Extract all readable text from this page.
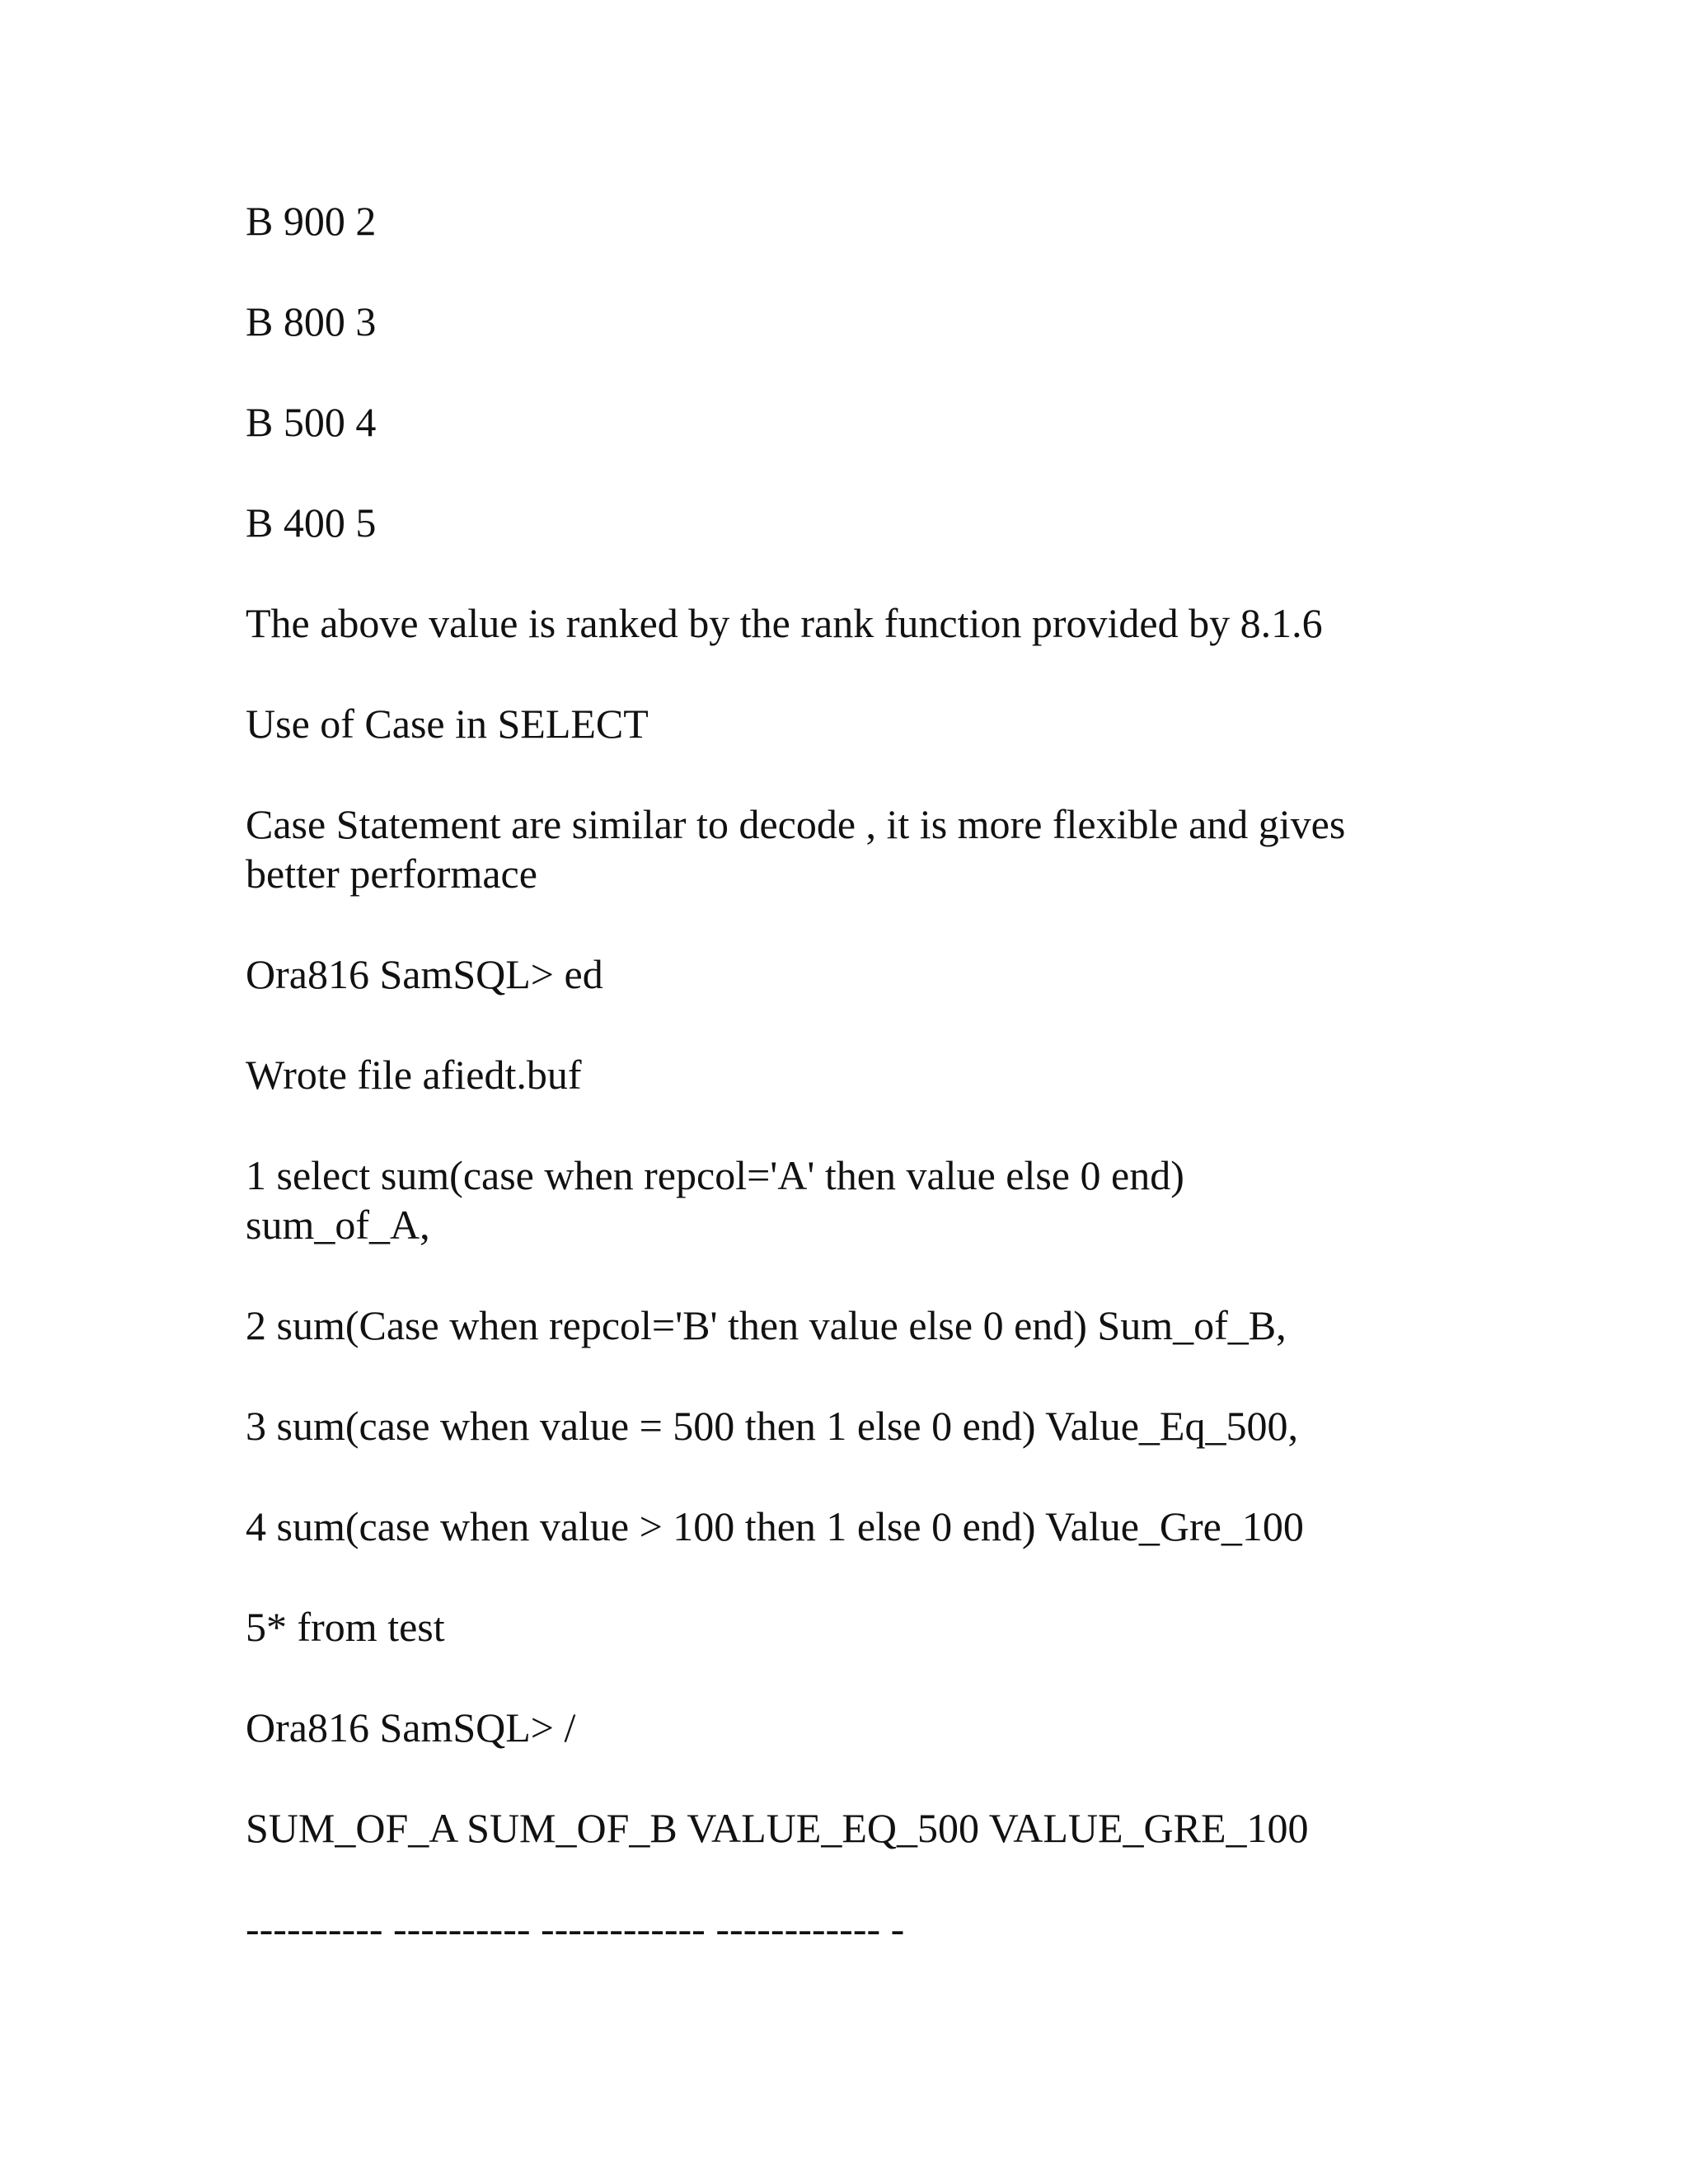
B 900 2

B 800 3

B 500 4

B 400 5

The above value is ranked by the rank function provided by 8.1.6

Use of Case in SELECT

Case Statement are similar to decode , it is more flexible and gives better performace

Ora816 SamSQL> ed

Wrote file afiedt.buf

1 select sum(case when repcol='A' then value else 0 end) sum_of_A,

2 sum(Case when repcol='B' then value else 0 end) Sum_of_B,

3 sum(case when value = 500 then 1 else 0 end) Value_Eq_500,

4 sum(case when value > 100 then 1 else 0 end) Value_Gre_100

5* from test

Ora816 SamSQL> /

SUM_OF_A SUM_OF_B VALUE_EQ_500 VALUE_GRE_100

---------- ---------- ------------ ------------ -
